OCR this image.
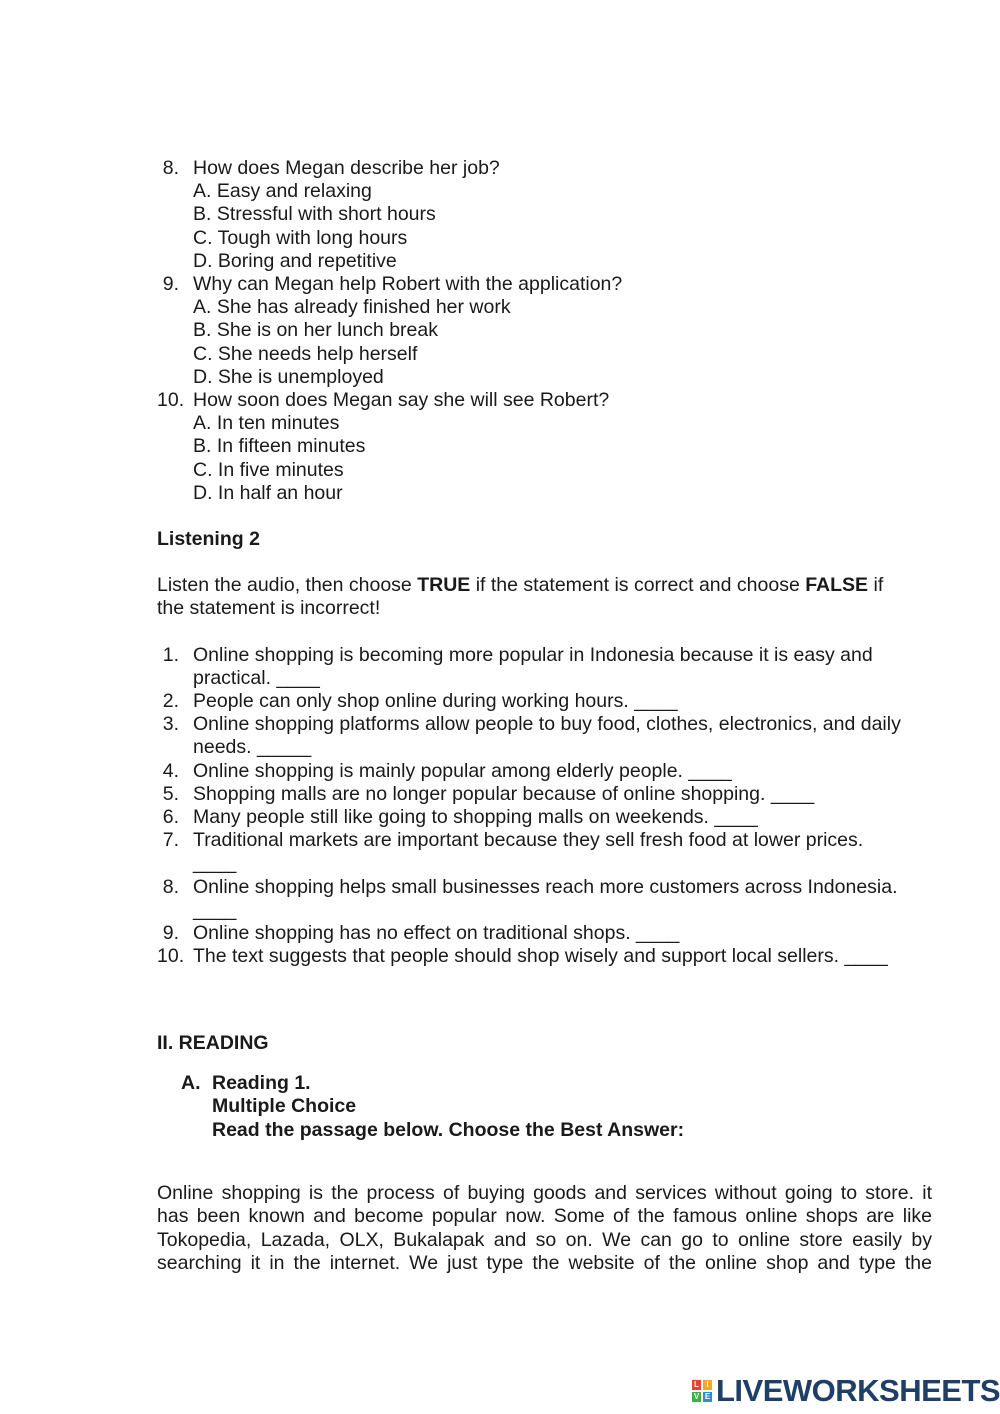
8. How does Megan describe her job?
A. Easy and relaxing
B. Stressful with short hours
C. Tough with long hours
D. Boring and repetitive
9. Why can Megan help Robert with the application?
A. She has already finished her work
B. She is on her lunch break
C. She needs help herself
D. She is unemployed
10. How soon does Megan say she will see Robert?
A. In ten minutes
B. In fifteen minutes
C. In five minutes
D. In half an hour
Listening 2
Listen the audio, then choose TRUE if the statement is correct and choose FALSE if
the statement is incorrect!
1. Online shopping is becoming more popular in Indonesia because it is easy and
practical. ____
2. People can only shop online during working hours. ____
3. Online shopping platforms allow people to buy food, clothes, electronics, and daily
needs. _____
4. Online shopping is mainly popular among elderly people. ____
5. Shopping malls are no longer popular because of online shopping. ____
6. Many people still like going to shopping malls on weekends. ____
7. Traditional markets are important because they sell fresh food at lower prices.
____
8. Online shopping helps small businesses reach more customers across Indonesia.
____
9. Online shopping has no effect on traditional shops. ____
10. The text suggests that people should shop wisely and support local sellers. ____
II. READING
A. Reading 1.
Multiple Choice
Read the passage below. Choose the Best Answer:
Online shopping is the process of buying goods and services without going to store. it
has been known and become popular now. Some of the famous online shops are like
Tokopedia, Lazada, OLX, Bukalapak and so on. We can go to online store easily by
searching it in the internet. We just type the website of the online shop and type the
L I
V E LIVEWORKSHEETS
